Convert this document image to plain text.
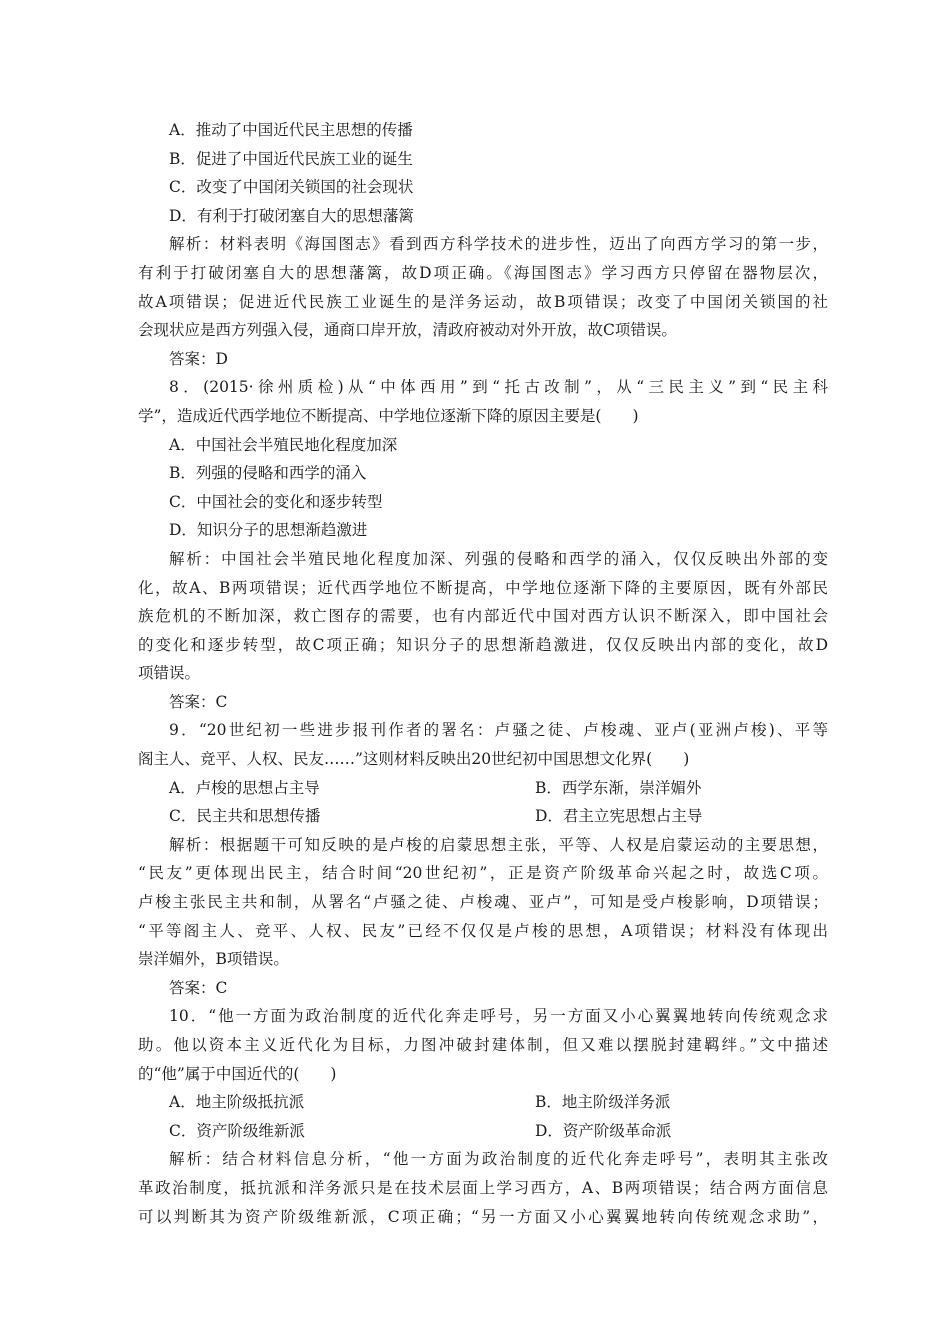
A．推动了中国近代民主思想的传播
B．促进了中国近代民族工业的诞生
C．改变了中国闭关锁国的社会现状
D．有利于打破闭塞自大的思想藩篱
解析：材料表明《海国图志》看到西方科学技术的进步性，迈出了向西方学习的第一步，
有利于打破闭塞自大的思想藩篱，故D项正确。《海国图志》学习西方只停留在器物层次，
故A项错误；促进近代民族工业诞生的是洋务运动，故B项错误；改变了中国闭关锁国的社
会现状应是西方列强入侵，通商口岸开放，清政府被动对外开放，故C项错误。
答案：D
8．(2015·徐州质检)从“中体西用”到“托古改制”，从“三民主义”到“民主科
学”，造成近代西学地位不断提高、中学地位逐渐下降的原因主要是(　　)
A．中国社会半殖民地化程度加深
B．列强的侵略和西学的涌入
C．中国社会的变化和逐步转型
D．知识分子的思想渐趋激进
解析：中国社会半殖民地化程度加深、列强的侵略和西学的涌入，仅仅反映出外部的变
化，故A、B两项错误；近代西学地位不断提高，中学地位逐渐下降的主要原因，既有外部民
族危机的不断加深，救亡图存的需要，也有内部近代中国对西方认识不断深入，即中国社会
的变化和逐步转型，故C项正确；知识分子的思想渐趋激进，仅仅反映出内部的变化，故D
项错误。
答案：C
9．“20世纪初一些进步报刊作者的署名：卢骚之徒、卢梭魂、亚卢(亚洲卢梭)、平等
阁主人、竞平、人权、民友……”这则材料反映出20世纪初中国思想文化界(　　)
A．卢梭的思想占主导	B．西学东渐，崇洋媚外
C．民主共和思想传播	D．君主立宪思想占主导
解析：根据题干可知反映的是卢梭的启蒙思想主张，平等、人权是启蒙运动的主要思想，
“民友”更体现出民主，结合时间“20世纪初”，正是资产阶级革命兴起之时，故选C项。
卢梭主张民主共和制，从署名“卢骚之徒、卢梭魂、亚卢”，可知是受卢梭影响，D项错误；
“平等阁主人、竞平、人权、民友”已经不仅仅是卢梭的思想，A项错误；材料没有体现出
崇洋媚外，B项错误。
答案：C
10．“他一方面为政治制度的近代化奔走呼号，另一方面又小心翼翼地转向传统观念求
助。他以资本主义近代化为目标，力图冲破封建体制，但又难以摆脱封建羁绊。”文中描述
的“他”属于中国近代的(　　)
A．地主阶级抵抗派	B．地主阶级洋务派
C．资产阶级维新派	D．资产阶级革命派
解析：结合材料信息分析，“他一方面为政治制度的近代化奔走呼号”，表明其主张改
革政治制度，抵抗派和洋务派只是在技术层面上学习西方，A、B两项错误；结合两方面信息
可以判断其为资产阶级维新派，C项正确；“另一方面又小心翼翼地转向传统观念求助”，
